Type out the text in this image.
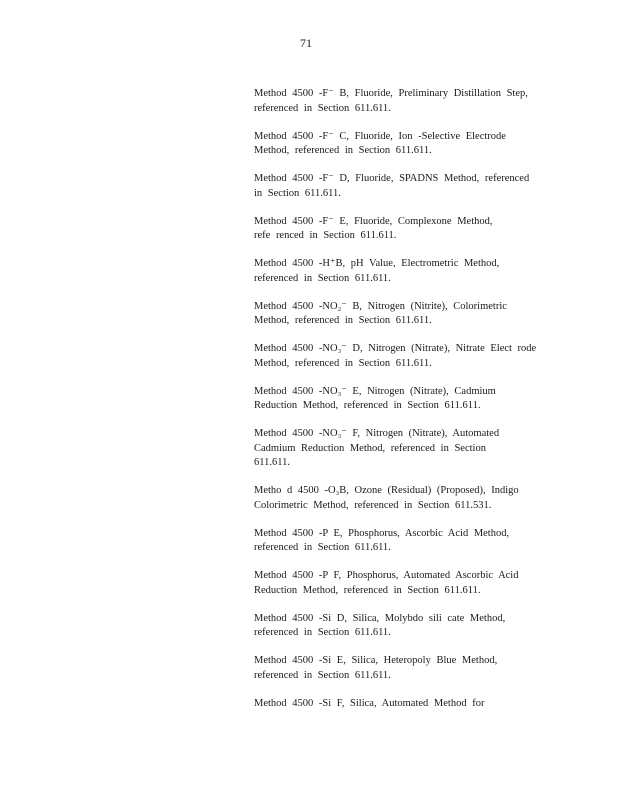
71
Method 4500 -F⁻ B, Fluoride, Preliminary Distillation Step,
referenced in Section 611.611.
Method 4500 -F⁻ C, Fluoride, Ion -Selective Electrode
Method, referenced in Section 611.611.
Method 4500 -F⁻ D, Fluoride, SPADNS Method, referenced
in Section 611.611.
Method 4500 -F⁻ E, Fluoride, Complexone Method,
refe renced in Section 611.611.
Method 4500 -H⁺B, pH Value, Electrometric Method,
referenced in Section 611.611.
Method 4500 -NO₂⁻ B, Nitrogen (Nitrite), Colorimetric
Method, referenced in Section 611.611.
Method 4500 -NO₃⁻ D, Nitrogen (Nitrate), Nitrate Elect rode
Method, referenced in Section 611.611.
Method 4500 -NO₃⁻ E, Nitrogen (Nitrate), Cadmium
Reduction Method, referenced in Section 611.611.
Method 4500 -NO₃⁻ F, Nitrogen (Nitrate), Automated
Cadmium Reduction Method, referenced in Section
611.611.
Metho d 4500 -O₃B, Ozone (Residual) (Proposed), Indigo
Colorimetric Method, referenced in Section 611.531.
Method 4500 -P E, Phosphorus, Ascorbic Acid Method,
referenced in Section 611.611.
Method 4500 -P F, Phosphorus, Automated Ascorbic Acid
Reduction Method, referenced in Section 611.611.
Method 4500 -Si D, Silica, Molybdo sili cate Method,
referenced in Section 611.611.
Method 4500 -Si E, Silica, Heteropoly Blue Method,
referenced in Section 611.611.
Method 4500 -Si F, Silica, Automated Method for
